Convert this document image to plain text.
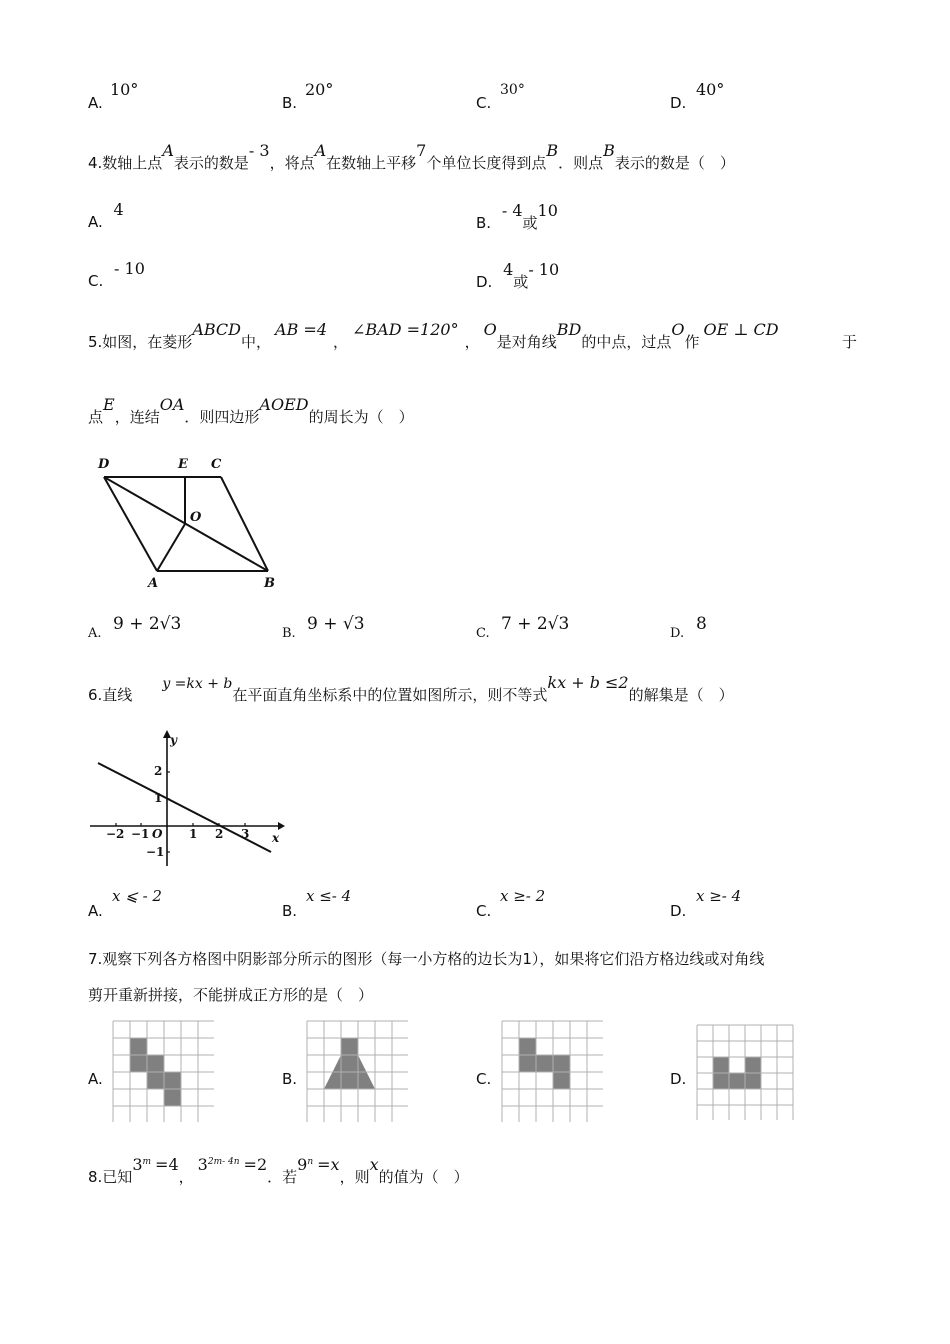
A.
10°
B.
20°
C.
30°
D.
40°
4.数轴上点A表示的数是- 3，将点A在数轴上平移7个单位长度得到点B．则点B表示的数是（　）
A. 4
B. - 4或10
C. - 10
D. 4或- 10
5.如图，在菱形ABCD中，AB =4，∠BAD =120°，O是对角线BD的中点，过点O作OE ⊥ CD
于
点E，连结OA．则四边形AOED的周长为（　）
D	E C
O
A	B
A. 9 + 2√3	B. 9 + √3	C. 7 + 2√3	D. 8
6.直线y =kx + b在平面直角坐标系中的位置如图所示，则不等式kx + b ≤2的解集是（　）
y
x
O
−2 −1	1 2 3
2
1
−1
A.
x ⩽ - 2
B.
x ≤- 4
C.
x ≥- 2
D.
x ≥- 4
7.观察下列各方格图中阴影部分所示的图形（每一小方格的边长为1），如果将它们沿方格边线或对角线
剪开重新拼接，不能拼成正方形的是（　）
A.	B.	C.	D.
8.已知$3^m =4$，$3^{2m- 4n} =2$．若$9^n =x$，则x的值为（　）
